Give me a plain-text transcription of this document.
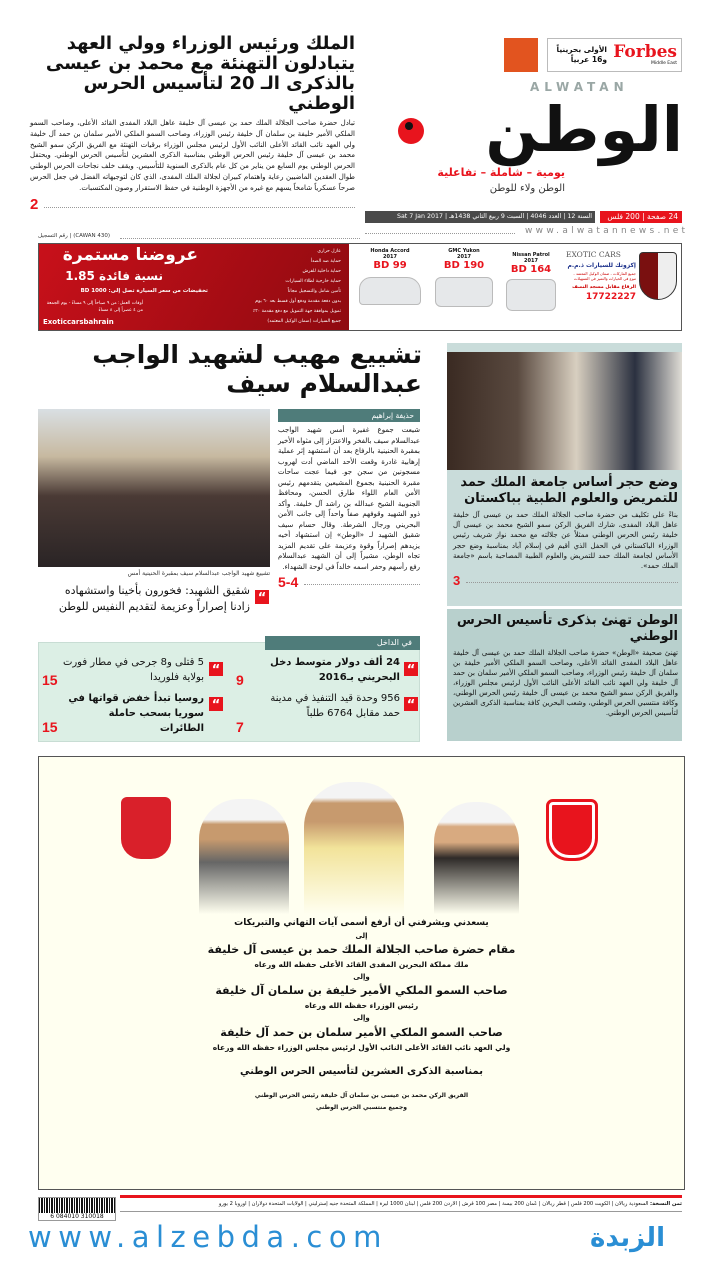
الملك ورئيس الوزراء وولي العهد يتبادلون التهنئة مع محمد بن عيسى بالذكرى الـ 20 لتأسيس الحرس الوطني
تبادل حضرة صاحب الجلالة الملك حمد بن عيسى آل خليفة عاهل البلاد المفدى القائد الأعلى، وصاحب السمو الملكي الأمير خليفة بن سلمان آل خليفة رئيس الوزراء، وصاحب السمو الملكي الأمير سلمان بن حمد آل خليفة ولي العهد نائب القائد الأعلى النائب الأول لرئيس مجلس الوزراء برقيات التهنئة مع الفريق الركن سمو الشيخ محمد بن عيسى آل خليفة رئيس الحرس الوطني بمناسبة الذكرى العشرين لتأسيس الحرس الوطني. ويحتفل الحرس الوطني يوم السابع من يناير من كل عام بالذكرى السنوية للتأسيس. ويقف خلف نجاحات الحرس الوطني طوال العقدين الماضيين رعاية واهتمام كبيران لجلالة الملك المفدى، الذي كان لتوجيهاته الفضل في جعل الحرس صرحاً عسكرياً شامخاً يسهم مع غيره من الأجهزة الوطنية في حفظ الاستقرار وصون المكتسبات.
2
الأولى بحرينياً و16 عربياً Forbes
Middle East
ALWATAN
الوطن
يومية – شاملة – تفاعلية
الوطن ولاء للوطن
24 صفحة | 200 فلس
السنة 12 | العدد 4046 | السبت 9 ربيع الثاني 1438هـ | Sat 7 Jan 2017
www.alwatannews.net
رقم التسجيل | (CAWAN 430)
عروضنا مستمرة
نسبة فائدة 1.85
تخفيضات من سعر السيارة تصل إلى: BD 1000
أوقات العمل: من ٩ صباحاً إلى ٩ مساءً - يوم الجمعة من ٤ عصراً إلى ٨ مساءً
Exoticcarsbahrain
عازل حراري
حماية ضد الصدأ
حماية داخلية للفرش
حماية خارجية لطلاء السيارات
تأمين شامل والتسجيل مجاناً
بدون دفعة مقدمة ودفع أول قسط بعد ٦٠ يوم
تمويل بموافقة جهة التمويل مع دفع مقدمة ٢٠٪
جميع السيارات (ضمان الوكيل المعتمد)
Honda Accord 2017
BD 99
GMC Yukon 2017
BD 190
Nissan Patrol 2017
BD 164
EXOTIC CARS
إكزوتك للسيارات ذ.م.م
جميع الماركات - ضمان الوكيل المعتمد - تنوع في الخيارات والتميز في التسهيلات
الرفاع مقابل مسجد النصف
17722227
تشييع مهيب لشهيد الواجب عبدالسلام سيف
تشييع شهيد الواجب عبدالسلام سيف بمقبرة الحنينية أمس
حذيفة إبراهيم
شيعت جموع غفيرة أمس شهيد الواجب عبدالسلام سيف بالفخر والاعتزاز إلى مثواه الأخير بمقبرة الحنينية بالرفاع بعد أن استشهد إثر عملية إرهابية غادرة وقعت الأحد الماضي أدت لهروب مسجونين من سجن جو. فيما عجت ساحات مقبرة الحنينية بجموع المشيعين يتقدمهم رئيس الأمن العام اللواء طارق الحسن، ومحافظ الجنوبية الشيخ عبدالله بن راشد آل خليفة. وأكد ذوو الشهيد وقوفهم صفاً واحداً إلى جانب الأمن البحريني ورجال الشرطة. وقال حسام سيف شقيق الشهيد لـ «الوطن» إن استشهاد أخيه يزيدهم إصراراً وقوة وعزيمة على تقديم المزيد تجاه الوطن، مشيراً إلى أن الشهيد عبدالسلام رفع رأسهم وحفر اسمه خالداً في لوحة الشهداء.
5-4
“
شقيق الشهيد: فخورون بأخينا واستشهاده زادنا إصراراً وعزيمة لتقديم النفيس للوطن
وضع حجر أساس جامعة الملك حمد للتمريض والعلوم الطبية بباكستان
بناءً على تكليف من حضرة صاحب الجلالة الملك حمد بن عيسى آل خليفة عاهل البلاد المفدى، شارك الفريق الركن سمو الشيخ محمد بن عيسى آل خليفة رئيس الحرس الوطني ممثلاً عن جلالته مع محمد نواز شريف رئيس الوزراء الباكستاني في الحفل الذي أقيم في إسلام آباد بمناسبة وضع حجر الأساس لجامعة الملك حمد للتمريض والعلوم الطبية المصاحبة باسم «جامعة الملك حمد».
3
الوطن تهنئ بذكرى تأسيس الحرس الوطني
تهنئ صحيفة «الوطن» حضرة صاحب الجلالة الملك حمد بن عيسى آل خليفة عاهل البلاد المفدى القائد الأعلى، وصاحب السمو الملكي الأمير خليفة بن سلمان آل خليفة رئيس الوزراء، وصاحب السمو الملكي الأمير سلمان بن حمد آل خليفة ولي العهد نائب القائد الأعلى النائب الأول لرئيس مجلس الوزراء، والفريق الركن سمو الشيخ محمد بن عيسى آل خليفة رئيس الحرس الوطني، وكافة منتسبي الحرس الوطني، وشعب البحرين كافة بمناسبة الذكرى العشرين لتأسيس الحرس الوطني.
في الداخل
“
24 ألف دولار متوسط دخل البحريني بـ2016
9
“
5 قتلى و8 جرحى في مطار فورت بولاية فلوريدا
15
“
956 وحدة قيد التنفيذ في مدينة حمد مقابل 6764 طلباً
7
“
روسيا تبدأ خفض قواتها في سوريا بسحب حاملة الطائرات
15
يسعدني ويشرفني أن أرفع أسمى آيات التهاني والتبريكات
إلى
مقام حضرة صاحب الجلالة الملك حمد بن عيسى آل خليفة
ملك مملكة البحرين المفدى القائد الأعلى حفظه الله ورعاه
وإلى
صاحب السمو الملكي الأمير خليفة بن سلمان آل خليفة
رئيس الوزراء حفظه الله ورعاه
وإلى
صاحب السمو الملكي الأمير سلمان بن حمد آل خليفة
ولي العهد نائب القائد الأعلى النائب الأول لرئيس مجلس الوزراء حفظه الله ورعاه
بمناسبة الذكرى العشرين لتأسيس الحرس الوطني
الفريق الركن محمد بن عيسى بن سلمان آل خليفة رئيس الحرس الوطني
وجميع منتسبي الحرس الوطني
ثمن النسخة: السعودية ريالان | الكويت 200 فلس | قطر ريالان | عُمان 200 بيسة | مصر 100 قرش | الأردن 200 فلس | لبنان 1000 ليرة | المملكة المتحدة جنيه إسترليني | الولايات المتحدة دولاران | أوروبا 2 يورو
6 084010 310018
www.alzebda.com	الزبدة
